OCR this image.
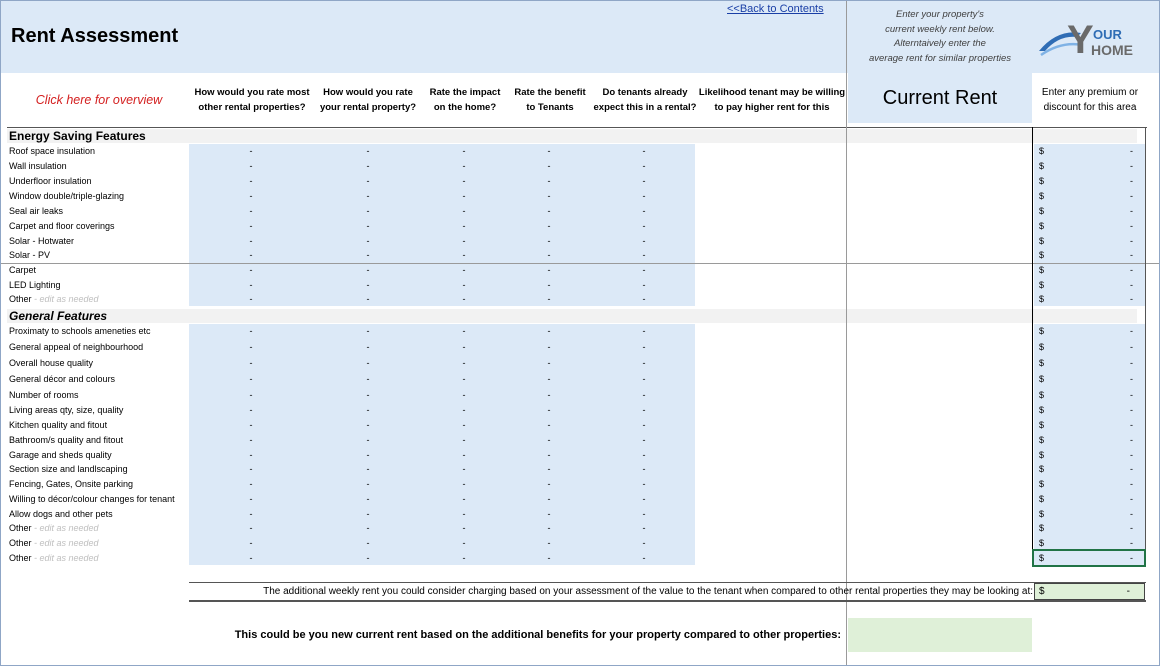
Rent Assessment
<<Back to Contents	Enter your property's
current weekly rent below.
Alterntaively enter the
average rent for similar properties	Y OUR
HOME
Click here for overview
How would you rate most
other rental properties?
How would you rate
your rental property?
Rate the impact
on the home?
Rate the benefit
to Tenants
Do tenants already
expect this in a rental?
Likelihood tenant may be willing
to pay higher rent for this	Current Rent	Enter any premium or
discount for this area
Energy Saving Features
Roof space insulation	-	-	-	-	-	$	-
Wall insulation	-	-	-	-	-	$	-
Underfloor insulation	-	-	-	-	-	$	-
Window double/triple-glazing	-	-	-	-	-	$	-
Seal air leaks	-	-	-	-	-	$	-
Carpet and floor coverings	-	-	-	-	-	$	-
Solar - Hotwater	-	-	-	-	-	$	-
Solar - PV	-	-	-	-	-	$	-
Carpet	-	-	-	-	-	$	-
LED Lighting	-	-	-	-	-	$	-
Other - edit as needed	-	-	-	-	-	$	-
General Features
Proximaty to schools ameneties etc	-	-	-	-	-	$	-
General appeal of neighbourhood	-	-	-	-	-	$	-
Overall house quality	-	-	-	-	-	$	-
General décor and colours	-	-	-	-	-	$	-
Number of rooms	-	-	-	-	-	$	-
Living areas qty, size, quality	-	-	-	-	-	$	-
Kitchen quality and fitout	-	-	-	-	-	$	-
Bathroom/s quality and fitout	-	-	-	-	-	$	-
Garage and sheds quality	-	-	-	-	-	$	-
Section size and landlscaping	-	-	-	-	-	$	-
Fencing, Gates, Onsite parking	-	-	-	-	-	$	-
Willing to décor/colour changes for tenant	-	-	-	-	-	$	-
Allow dogs and other pets	-	-	-	-	-	$	-
Other - edit as needed	-	-	-	-	-	$	-
Other - edit as needed	-	-	-	-	-	$	-
Other - edit as needed	-	-	-	-	-	$	-
The additional weekly rent you could consider charging based on your assessment of the value to the tenant when compared to other rental properties they may be looking at: $	-
This could be you new current rent based on the additional benefits for your property compared to other properties:
